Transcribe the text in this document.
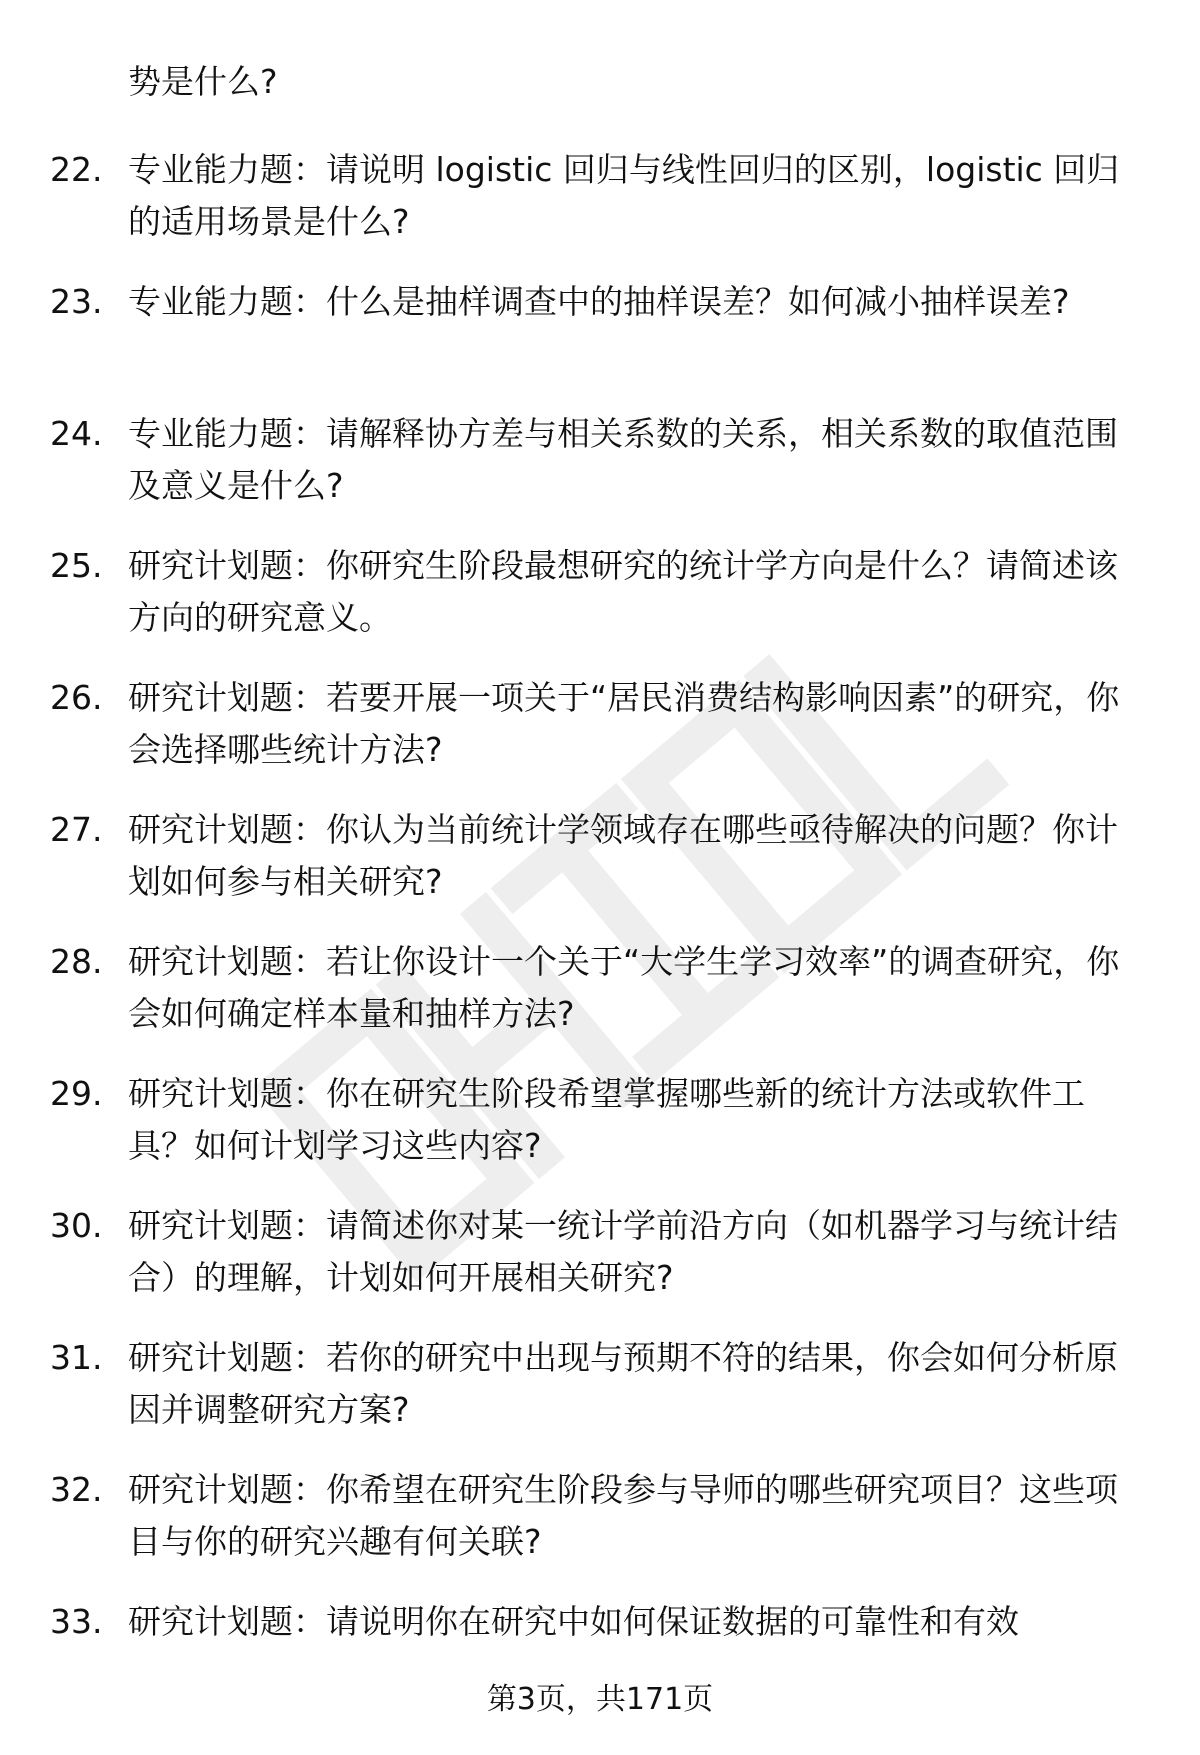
势是什么?

22. 专业能力题：请说明 logistic 回归与线性回归的区别，logistic 回归的适用场景是什么?

23. 专业能力题：什么是抽样调查中的抽样误差？如何减小抽样误差?

24. 专业能力题：请解释协方差与相关系数的关系，相关系数的取值范围及意义是什么?

25. 研究计划题：你研究生阶段最想研究的统计学方向是什么？请简述该方向的研究意义。

26. 研究计划题：若要开展一项关于“居民消费结构影响因素”的研究，你会选择哪些统计方法?

27. 研究计划题：你认为当前统计学领域存在哪些亟待解决的问题？你计划如何参与相关研究?

28. 研究计划题：若让你设计一个关于“大学生学习效率”的调查研究，你会如何确定样本量和抽样方法?

29. 研究计划题：你在研究生阶段希望掌握哪些新的统计方法或软件工具？如何计划学习这些内容?

30. 研究计划题：请简述你对某一统计学前沿方向（如机器学习与统计结合）的理解，计划如何开展相关研究?

31. 研究计划题：若你的研究中出现与预期不符的结果，你会如何分析原因并调整研究方案?

32. 研究计划题：你希望在研究生阶段参与导师的哪些研究项目？这些项目与你的研究兴趣有何关联?

33. 研究计划题：请说明你在研究中如何保证数据的可靠性和有效

第3页，共171页
